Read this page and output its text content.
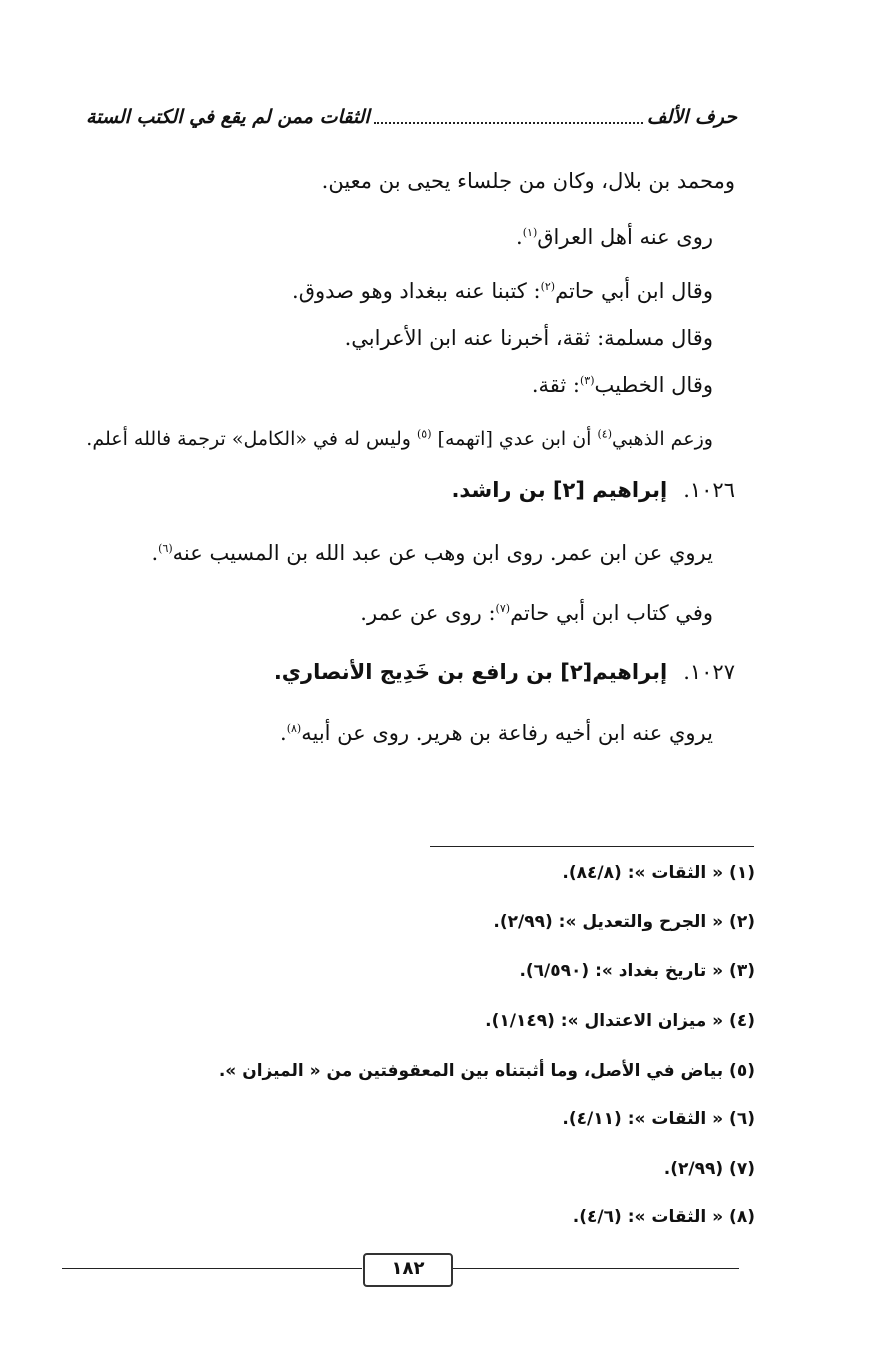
حرف الألف
الثقات ممن لم يقع في الكتب الستة
ومحمد بن بلال، وكان من جلساء يحيى بن معين.
روى عنه أهل العراق$^{(١)}$.
وقال ابن أبي حاتم$^{(٢)}$: كتبنا عنه ببغداد وهو صدوق.
وقال مسلمة: ثقة، أخبرنا عنه ابن الأعرابي.
وقال الخطيب$^{(٣)}$: ثقة.
وزعم الذهبي$^{(٤)}$ أن ابن عدي [اتهمه] $^{(٥)}$ وليس له في «الكامل» ترجمة فالله أعلم.
١٠٢٦.
إبراهيم [٢] بن راشد.
يروي عن ابن عمر. روى ابن وهب عن عبد الله بن المسيب عنه$^{(٦)}$.
وفي كتاب ابن أبي حاتم$^{(٧)}$: روى عن عمر.
١٠٢٧.
إبراهيم[٢] بن رافع بن خَدِيج الأنصاري.
يروي عنه ابن أخيه رفاعة بن هرير. روى عن أبيه$^{(٨)}$.
(١) « الثقات »: (٨٤/٨).
(٢) « الجرح والتعديل »: (٢/٩٩).
(٣) « تاريخ بغداد »: (٦/٥٩٠).
(٤) « ميزان الاعتدال »: (١/١٤٩).
(٥) بياض في الأصل، وما أثبتناه بين المعقوفتين من « الميزان ».
(٦) « الثقات »: (٤/١١).
(٧) (٢/٩٩).
(٨) « الثقات »: (٤/٦).
١٨٢
